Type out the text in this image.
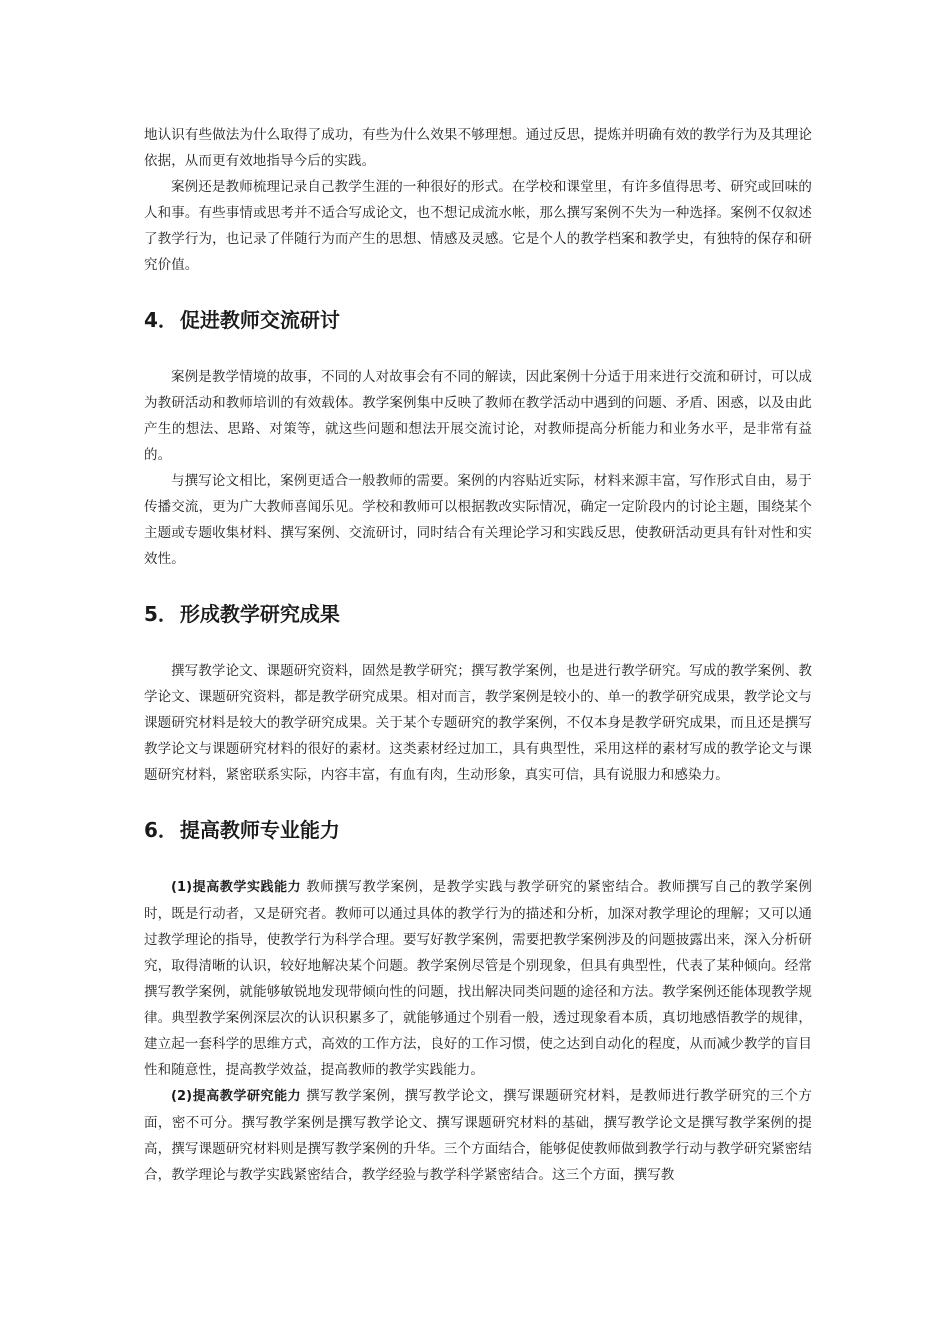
地认识有些做法为什么取得了成功，有些为什么效果不够理想。通过反思，提炼并明确有效的教学行为及其理论依据，从而更有效地指导今后的实践。

案例还是教师梳理记录自己教学生涯的一种很好的形式。在学校和课堂里，有许多值得思考、研究或回味的人和事。有些事情或思考并不适合写成论文，也不想记成流水帐，那么撰写案例不失为一种选择。案例不仅叙述了教学行为，也记录了伴随行为而产生的思想、情感及灵感。它是个人的教学档案和教学史，有独特的保存和研究价值。

4． 促进教师交流研讨

案例是教学情境的故事，不同的人对故事会有不同的解读，因此案例十分适于用来进行交流和研讨，可以成为教研活动和教师培训的有效载体。教学案例集中反映了教师在教学活动中遇到的问题、矛盾、困惑，以及由此产生的想法、思路、对策等，就这些问题和想法开展交流讨论，对教师提高分析能力和业务水平，是非常有益的。

与撰写论文相比，案例更适合一般教师的需要。案例的内容贴近实际，材料来源丰富，写作形式自由，易于传播交流，更为广大教师喜闻乐见。学校和教师可以根据教改实际情况，确定一定阶段内的讨论主题，围绕某个主题或专题收集材料、撰写案例、交流研讨，同时结合有关理论学习和实践反思，使教研活动更具有针对性和实效性。

5． 形成教学研究成果

撰写教学论文、课题研究资料，固然是教学研究；撰写教学案例，也是进行教学研究。写成的教学案例、教学论文、课题研究资料，都是教学研究成果。相对而言，教学案例是较小的、单一的教学研究成果，教学论文与课题研究材料是较大的教学研究成果。关于某个专题研究的教学案例，不仅本身是教学研究成果，而且还是撰写教学论文与课题研究材料的很好的素材。这类素材经过加工，具有典型性，采用这样的素材写成的教学论文与课题研究材料，紧密联系实际，内容丰富，有血有肉，生动形象，真实可信，具有说服力和感染力。

6． 提高教师专业能力

(1)提高教学实践能力 教师撰写教学案例，是教学实践与教学研究的紧密结合。教师撰写自己的教学案例时，既是行动者，又是研究者。教师可以通过具体的教学行为的描述和分析，加深对教学理论的理解；又可以通过教学理论的指导，使教学行为科学合理。要写好教学案例，需要把教学案例涉及的问题披露出来，深入分析研究，取得清晰的认识，较好地解决某个问题。教学案例尽管是个别现象，但具有典型性，代表了某种倾向。经常撰写教学案例，就能够敏锐地发现带倾向性的问题，找出解决同类问题的途径和方法。教学案例还能体现教学规律。典型教学案例深层次的认识积累多了，就能够通过个别看一般，透过现象看本质，真切地感悟教学的规律，建立起一套科学的思维方式，高效的工作方法，良好的工作习惯，使之达到自动化的程度，从而减少教学的盲目性和随意性，提高教学效益，提高教师的教学实践能力。

(2)提高教学研究能力 撰写教学案例，撰写教学论文，撰写课题研究材料，是教师进行教学研究的三个方面，密不可分。撰写教学案例是撰写教学论文、撰写课题研究材料的基础，撰写教学论文是撰写教学案例的提高，撰写课题研究材料则是撰写教学案例的升华。三个方面结合，能够促使教师做到教学行动与教学研究紧密结合，教学理论与教学实践紧密结合，教学经验与教学科学紧密结合。这三个方面，撰写教
